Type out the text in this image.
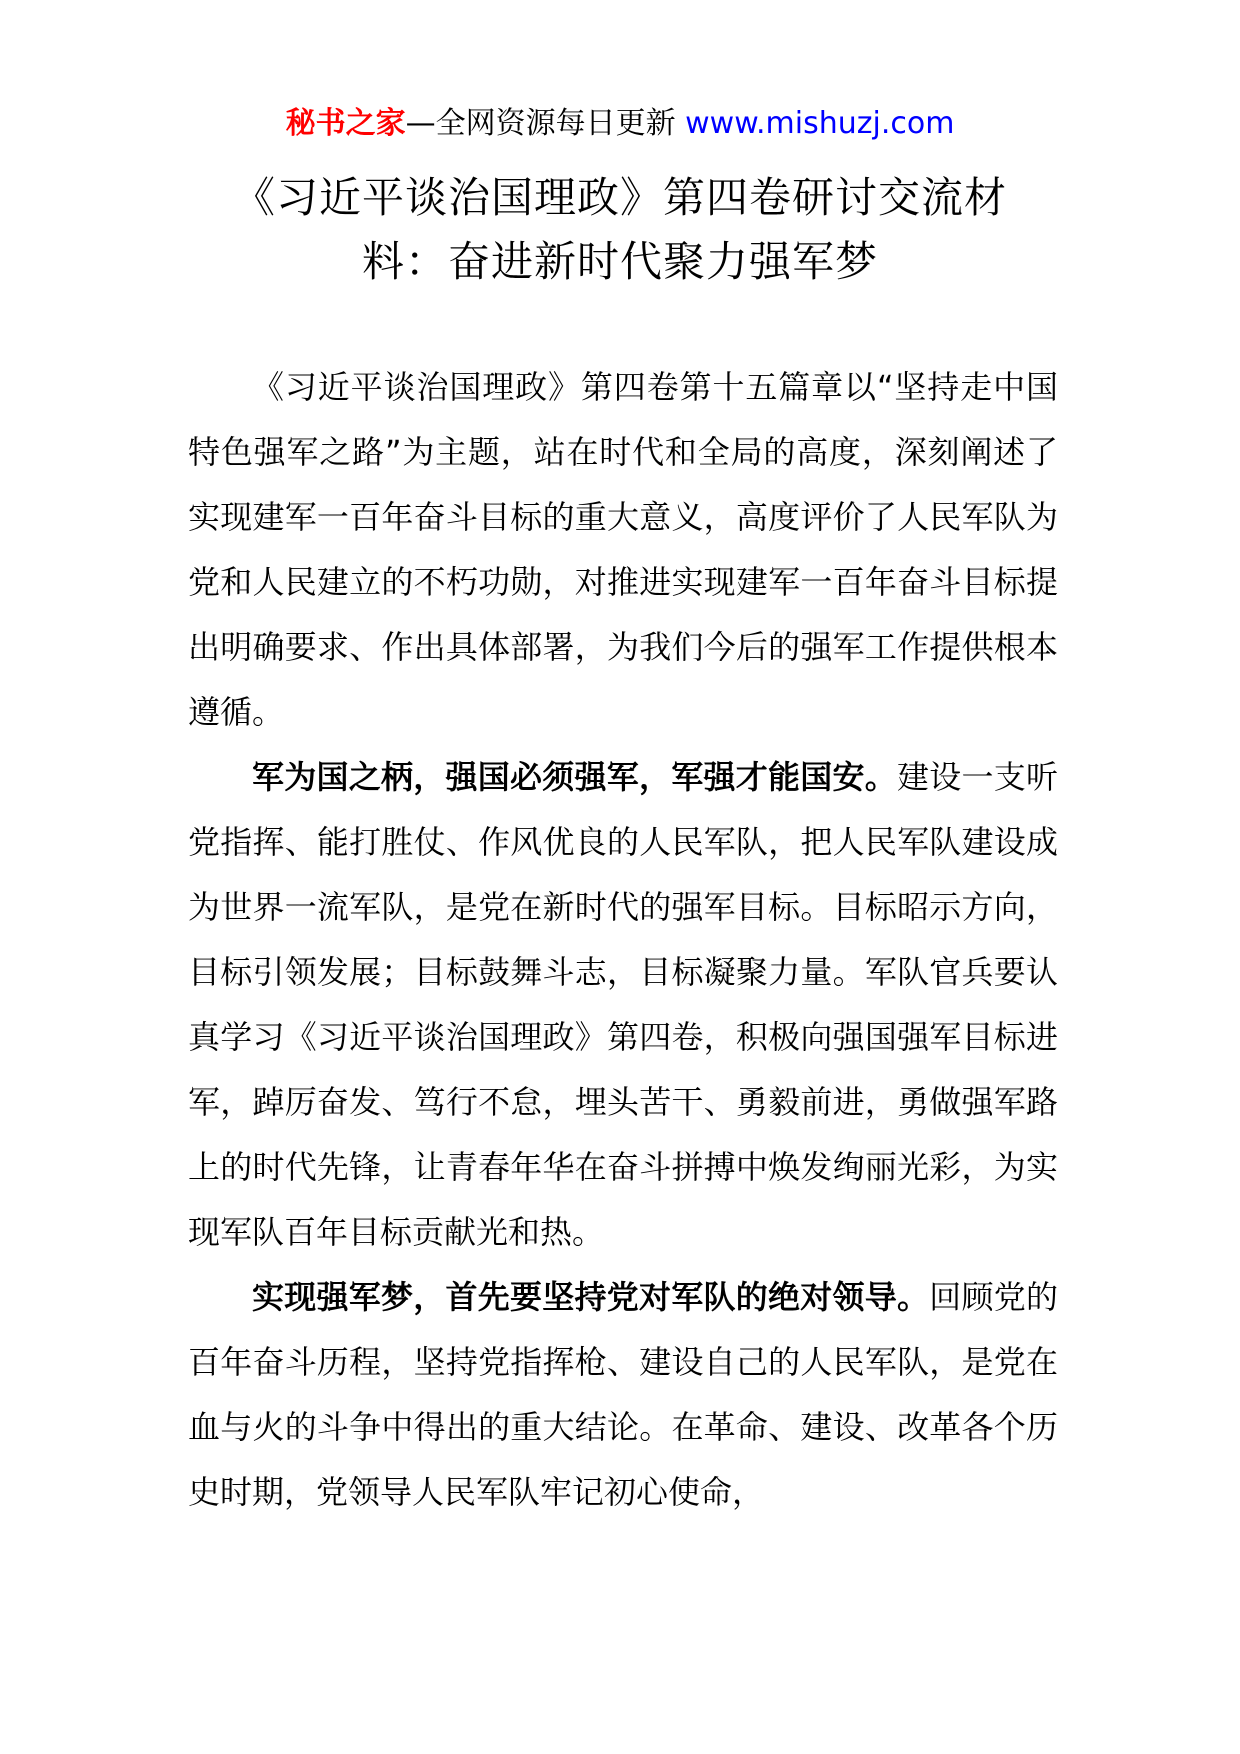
秘书之家—全网资源每日更新 www.mishuzj.com
《习近平谈治国理政》第四卷研讨交流材
料：奋进新时代聚力强军梦

《习近平谈治国理政》第四卷第十五篇章以“坚持走中国特色强军之路”为主题，站在时代和全局的高度，深刻阐述了实现建军一百年奋斗目标的重大意义，高度评价了人民军队为党和人民建立的不朽功勋，对推进实现建军一百年奋斗目标提出明确要求、作出具体部署，为我们今后的强军工作提供根本遵循。

军为国之柄，强国必须强军，军强才能国安。建设一支听党指挥、能打胜仗、作风优良的人民军队，把人民军队建设成为世界一流军队，是党在新时代的强军目标。目标昭示方向，目标引领发展；目标鼓舞斗志，目标凝聚力量。军队官兵要认真学习《习近平谈治国理政》第四卷，积极向强国强军目标进军，踔厉奋发、笃行不怠，埋头苦干、勇毅前进，勇做强军路上的时代先锋，让青春年华在奋斗拼搏中焕发绚丽光彩，为实现军队百年目标贡献光和热。

实现强军梦，首先要坚持党对军队的绝对领导。回顾党的百年奋斗历程，坚持党指挥枪、建设自己的人民军队，是党在血与火的斗争中得出的重大结论。在革命、建设、改革各个历史时期，党领导人民军队牢记初心使命，
